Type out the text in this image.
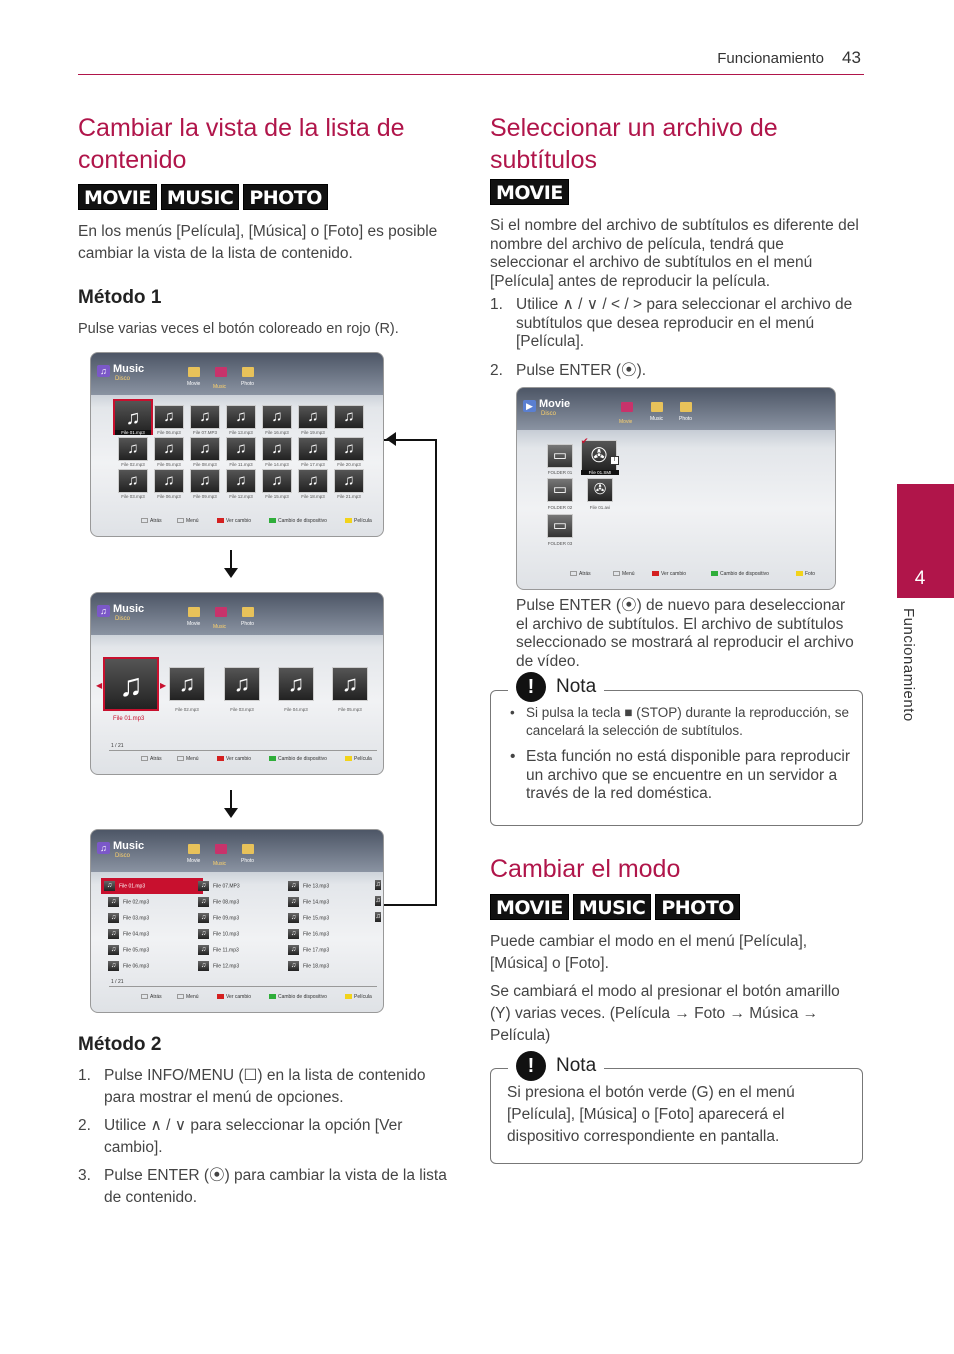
Funcionamiento 43
4
Funcionamiento
Cambiar la vista de la lista de contenido
MOVIE MUSIC PHOTO
En los menús [Película], [Música] o [Foto] es posible cambiar la vista de la lista de contenido.
Método 1
Pulse varias veces el botón coloreado en rojo (R).
♫ Music
Disco
Movie	Music	Photo
♫
File 01.mp3
♫
File 06.mp3
♫
File 07.MP3
♫
File 13.mp3
♫
File 16.mp3
♫
File 19.mp3
♫
♫
File 02.mp3
♫
File 05.mp3
♫
File 08.mp3
♫
File 11.mp3
♫
File 14.mp3
♫
File 17.mp3
♫
File 20.mp3
♫
File 03.mp3
♫
File 06.mp3
♫
File 09.mp3
♫
File 12.mp3
♫
File 15.mp3
♫
File 18.mp3
♫
File 21.mp3
Atrás	Menú	Ver cambio	Cambio de dispositivo	Película
♫ Music
Disco
Movie	Music	Photo
◀ ♫	▶
File 01.mp3
♫
File 02.mp3
♫
File 03.mp3
♫
File 04.mp3
♫
File 05.mp3
1 / 21
Atrás	Menú	Ver cambio	Cambio de dispositivo	Película
♫ Music
Disco
Movie	Music	Photo
♫ File 01.mp3
♫ File 02.mp3
♫ File 03.mp3
♫ File 04.mp3
♫ File 05.mp3
♫ File 06.mp3
♫ File 07.MP3
♫ File 08.mp3
♫ File 09.mp3
♫ File 10.mp3
♫ File 11.mp3
♫ File 12.mp3
♫ File 13.mp3
♫ File 14.mp3
♫ File 15.mp3
♫ File 16.mp3
♫ File 17.mp3
♫ File 18.mp3
♫
♫
♫
1 / 21
Atrás	Menú	Ver cambio	Cambio de dispositivo	Película
Método 2
1. Pulse INFO/MENU (☐) en la lista de contenido para mostrar el menú de opciones.
2. Utilice ∧ / ∨ para seleccionar la opción [Ver cambio].
3. Pulse ENTER (⦿) para cambiar la vista de la lista de contenido.
Seleccionar un archivo de subtítulos
MOVIE
Si el nombre del archivo de subtítulos es diferente del nombre del archivo de película, tendrá que seleccionar el archivo de subtítulos en el menú [Película] antes de reproducir la película.
1. Utilice ∧ / ∨ / < / > para seleccionar el archivo de subtítulos que desea reproducir en el menú [Película].
2. Pulse ENTER (⦿).
▶ Movie
Disco
Movie	Music	Photo
▭
FOLDER 01
✇
✔
T
File 01.SMI
▭
FOLDER 02
✇
File 01.avi
▭
FOLDER 03
Atrás	Menú	Ver cambio	Cambio de dispositivo	Foto
Pulse ENTER (⦿) de nuevo para deseleccionar el archivo de subtítulos. El archivo de subtítulos seleccionado se mostrará al reproducir el archivo de vídeo.
!	Nota
• Si pulsa la tecla ■ (STOP) durante la reproducción, se cancelará la selección de subtítulos.
• Esta función no está disponible para reproducir un archivo que se encuentre en un servidor a través de la red doméstica.
Cambiar el modo
MOVIE MUSIC PHOTO
Puede cambiar el modo en el menú [Película], [Música] o [Foto].
Se cambiará el modo al presionar el botón amarillo (Y) varias veces. (Película → Foto → Música → Película)
!	Nota
Si presiona el botón verde (G) en el menú [Película], [Música] o [Foto] aparecerá el dispositivo correspondiente en pantalla.
